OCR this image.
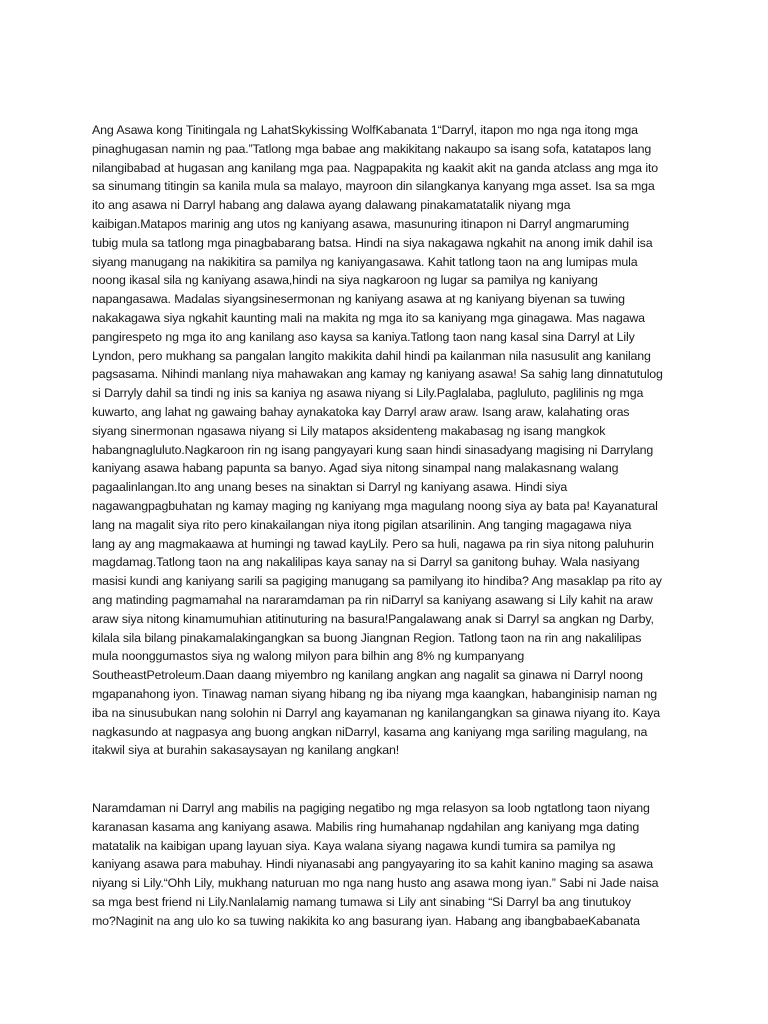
Ang Asawa kong Tinitingala ng LahatSkykissing WolfKabanata 1“Darryl, itapon mo nga nga itong mga
pinaghugasan namin ng paa.”Tatlong mga babae ang makikitang nakaupo sa isang sofa, katatapos lang
nilangibabad at hugasan ang kanilang mga paa. Nagpapakita ng kaakit akit na ganda atclass ang mga ito
sa sinumang titingin sa kanila mula sa malayo, mayroon din silangkanya kanyang mga asset. Isa sa mga
ito ang asawa ni Darryl habang ang dalawa ayang dalawang pinakamatatalik niyang mga
kaibigan.Matapos marinig ang utos ng kaniyang asawa, masunuring itinapon ni Darryl angmaruming
tubig mula sa tatlong mga pinagbabarang batsa. Hindi na siya nakagawa ngkahit na anong imik dahil isa
siyang manugang na nakikitira sa pamilya ng kaniyangasawa. Kahit tatlong taon na ang lumipas mula
noong ikasal sila ng kaniyang asawa,hindi na siya nagkaroon ng lugar sa pamilya ng kaniyang
napangasawa. Madalas siyangsinesermonan ng kaniyang asawa at ng kaniyang biyenan sa tuwing
nakakagawa siya ngkahit kaunting mali na makita ng mga ito sa kaniyang mga ginagawa. Mas nagawa
pangirespeto ng mga ito ang kanilang aso kaysa sa kaniya.Tatlong taon nang kasal sina Darryl at Lily
Lyndon, pero mukhang sa pangalan langito makikita dahil hindi pa kailanman nila nasusulit ang kanilang
pagsasama. Nihindi manlang niya mahawakan ang kamay ng kaniyang asawa! Sa sahig lang dinnatutulog
si Darryly dahil sa tindi ng inis sa kaniya ng asawa niyang si Lily.Paglalaba, pagluluto, paglilinis ng mga
kuwarto, ang lahat ng gawaing bahay aynakatoka kay Darryl araw araw. Isang araw, kalahating oras
siyang sinermonan ngasawa niyang si Lily matapos aksidenteng makabasag ng isang mangkok
habangnagluluto.Nagkaroon rin ng isang pangyayari kung saan hindi sinasadyang magising ni Darrylang
kaniyang asawa habang papunta sa banyo. Agad siya nitong sinampal nang malakasnang walang
pagaalinlangan.Ito ang unang beses na sinaktan si Darryl ng kaniyang asawa. Hindi siya
nagawangpagbuhatan ng kamay maging ng kaniyang mga magulang noong siya ay bata pa! Kayanatural
lang na magalit siya rito pero kinakailangan niya itong pigilan atsarilinin. Ang tanging magagawa niya
lang ay ang magmakaawa at humingi ng tawad kayLily. Pero sa huli, nagawa pa rin siya nitong paluhurin
magdamag.Tatlong taon na ang nakalilipas kaya sanay na si Darryl sa ganitong buhay. Wala nasiyang
masisi kundi ang kaniyang sarili sa pagiging manugang sa pamilyang ito hindiba? Ang masaklap pa rito ay
ang matinding pagmamahal na nararamdaman pa rin niDarryl sa kaniyang asawang si Lily kahit na araw
araw siya nitong kinamumuhian atitinuturing na basura!Pangalawang anak si Darryl sa angkan ng Darby,
kilala sila bilang pinakamalakingangkan sa buong Jiangnan Region. Tatlong taon na rin ang nakalilipas
mula noonggumastos siya ng walong milyon para bilhin ang 8% ng kumpanyang
SoutheastPetroleum.Daan daang miyembro ng kanilang angkan ang nagalit sa ginawa ni Darryl noong
mgapanahong iyon. Tinawag naman siyang hibang ng iba niyang mga kaangkan, habanginisip naman ng
iba na sinusubukan nang solohin ni Darryl ang kayamanan ng kanilangangkan sa ginawa niyang ito. Kaya
nagkasundo at nagpasya ang buong angkan niDarryl, kasama ang kaniyang mga sariling magulang, na
itakwil siya at burahin sakasaysayan ng kanilang angkan!
Naramdaman ni Darryl ang mabilis na pagiging negatibo ng mga relasyon sa loob ngtatlong taon niyang
karanasan kasama ang kaniyang asawa. Mabilis ring humahanap ngdahilan ang kaniyang mga dating
matatalik na kaibigan upang layuan siya. Kaya walana siyang nagawa kundi tumira sa pamilya ng
kaniyang asawa para mabuhay. Hindi niyanasabi ang pangyayaring ito sa kahit kanino maging sa asawa
niyang si Lily.“Ohh Lily, mukhang naturuan mo nga nang husto ang asawa mong iyan.” Sabi ni Jade naisa
sa mga best friend ni Lily.Nanlalamig namang tumawa si Lily ant sinabing “Si Darryl ba ang tinutukoy
mo?Naginit na ang ulo ko sa tuwing nakikita ko ang basurang iyan. Habang ang ibangbabaeKabanata
